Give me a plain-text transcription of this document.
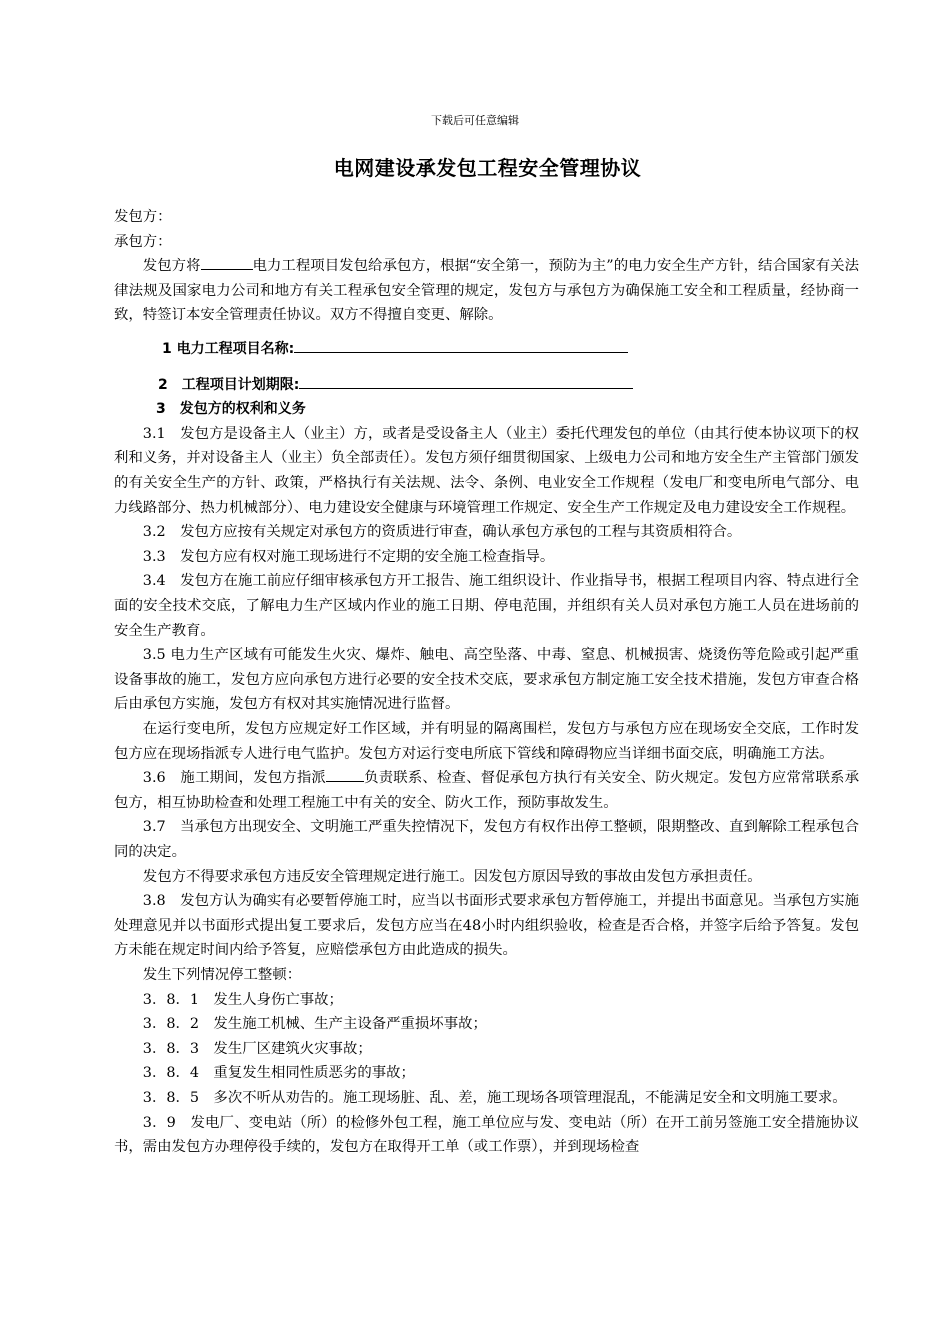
下载后可任意编辑
电网建设承发包工程安全管理协议

发包方：

承包方：

发包方将	电力工程项目发包给承包方，根据“安全第一，预防为主”的电力安全生产方针，结合国家有关法律法规及国家电力公司和地方有关工程承包安全管理的规定，发包方与承包方为确保施工安全和工程质量，经协商一致，特签订本安全管理责任协议。双方不得擅自变更、解除。

1 电力工程项目名称:

2　工程项目计划期限:

3　发包方的权利和义务

3.1　发包方是设备主人（业主）方，或者是受设备主人（业主）委托代理发包的单位（由其行使本协议项下的权利和义务，并对设备主人（业主）负全部责任）。发包方须仔细贯彻国家、上级电力公司和地方安全生产主管部门颁发的有关安全生产的方针、政策，严格执行有关法规、法令、条例、电业安全工作规程（发电厂和变电所电气部分、电力线路部分、热力机械部分）、电力建设安全健康与环境管理工作规定、安全生产工作规定及电力建设安全工作规程。

3.2　发包方应按有关规定对承包方的资质进行审查，确认承包方承包的工程与其资质相符合。

3.3　发包方应有权对施工现场进行不定期的安全施工检查指导。

3.4　发包方在施工前应仔细审核承包方开工报告、施工组织设计、作业指导书，根据工程项目内容、特点进行全面的安全技术交底，了解电力生产区域内作业的施工日期、停电范围，并组织有关人员对承包方施工人员在进场前的安全生产教育。

3.5 电力生产区域有可能发生火灾、爆炸、触电、高空坠落、中毒、窒息、机械损害、烧烫伤等危险或引起严重设备事故的施工，发包方应向承包方进行必要的安全技术交底，要求承包方制定施工安全技术措施，发包方审查合格后由承包方实施，发包方有权对其实施情况进行监督。

在运行变电所，发包方应规定好工作区域，并有明显的隔离围栏，发包方与承包方应在现场安全交底，工作时发包方应在现场指派专人进行电气监护。发包方对运行变电所底下管线和障碍物应当详细书面交底，明确施工方法。

3.6　施工期间，发包方指派	负责联系、检查、督促承包方执行有关安全、防火规定。发包方应常常联系承包方，相互协助检查和处理工程施工中有关的安全、防火工作，预防事故发生。

3.7　当承包方出现安全、文明施工严重失控情况下，发包方有权作出停工整顿，限期整改、直到解除工程承包合同的决定。

发包方不得要求承包方违反安全管理规定进行施工。因发包方原因导致的事故由发包方承担责任。

3.8　发包方认为确实有必要暂停施工时，应当以书面形式要求承包方暂停施工，并提出书面意见。当承包方实施处理意见并以书面形式提出复工要求后，发包方应当在48小时内组织验收，检查是否合格，并签字后给予答复。发包方未能在规定时间内给予答复，应赔偿承包方由此造成的损失。

发生下列情况停工整顿：

3．8．1　发生人身伤亡事故；

3．8．2　发生施工机械、生产主设备严重损坏事故；

3．8．3　发生厂区建筑火灾事故；

3．8．4　重复发生相同性质恶劣的事故；

3．8．5　多次不听从劝告的。施工现场脏、乱、差，施工现场各项管理混乱，不能满足安全和文明施工要求。

3．9　发电厂、变电站（所）的检修外包工程，施工单位应与发、变电站（所）在开工前另签施工安全措施协议书，需由发包方办理停役手续的，发包方在取得开工单（或工作票），并到现场检查
